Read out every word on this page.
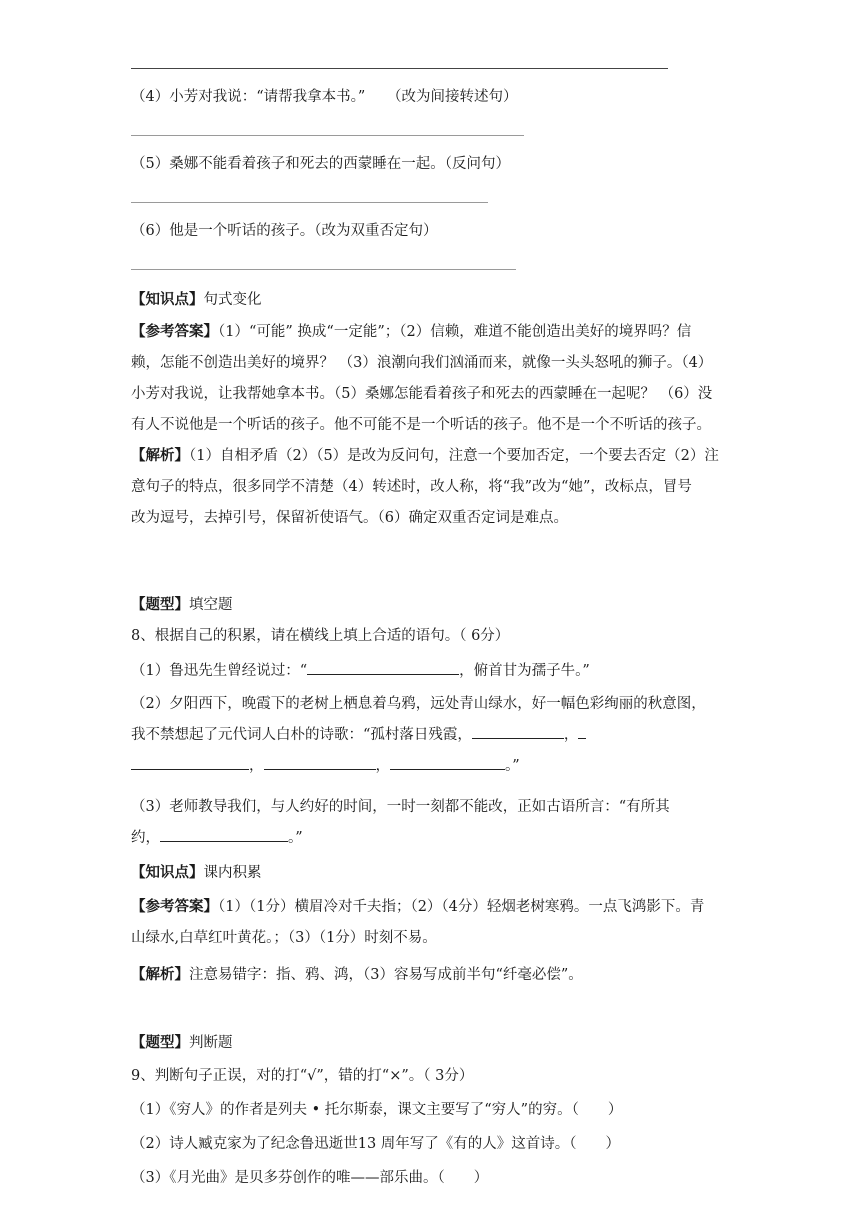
（4）小芳对我说：“请帮我拿本书。”　　（改为间接转述句）
（5）桑娜不能看着孩子和死去的西蒙睡在一起。（反问句）
（6）他是一个听话的孩子。（改为双重否定句）
【知识点】句式变化
【参考答案】（1）“可能” 换成“一定能”；（2）信赖，难道不能创造出美好的境界吗？信
赖，怎能不创造出美好的境界？ （3）浪潮向我们汹涌而来，就像一头头怒吼的狮子。（4）
小芳对我说，让我帮她拿本书。（5）桑娜怎能看着孩子和死去的西蒙睡在一起呢？ （6）没
有人不说他是一个听话的孩子。他不可能不是一个听话的孩子。他不是一个不听话的孩子。
【解析】（1）自相矛盾（2）（5）是改为反问句，注意一个要加否定，一个要去否定（2）注
意句子的特点，很多同学不清楚（4）转述时，改人称，将“我”改为“她”，改标点，冒号
改为逗号，去掉引号，保留祈使语气。（6）确定双重否定词是难点。
【题型】填空题
8、根据自己的积累，请在横线上填上合适的语句。（ 6分）
（1）鲁迅先生曾经说过：“	，俯首甘为孺子牛。”
（2）夕阳西下，晚霞下的老树上栖息着乌鸦，远处青山绿水，好一幅色彩绚丽的秋意图，
我不禁想起了元代词人白朴的诗歌：“孤村落日残霞，	，
，	，	。”
（3）老师教导我们，与人约好的时间，一时一刻都不能改，正如古语所言：“有所其
约，	。”
【知识点】课内积累
【参考答案】（1）（1分）横眉冷对千夫指；（2）（4分）轻烟老树寒鸦。一点飞鸿影下。青
山绿水,白草红叶黄花。；（3）（1分）时刻不易。
【解析】注意易错字：指、鸦、鸿，（3）容易写成前半句“纤毫必偿”。
【题型】判断题
9、判断句子正误，对的打“√”，错的打“×”。（ 3分）
（1）《穷人》的作者是列夫 • 托尔斯泰，课文主要写了“穷人”的穷。（　　）
（2）诗人臧克家为了纪念鲁迅逝世13 周年写了《有的人》这首诗。（　　）
（3）《月光曲》是贝多芬创作的唯——部乐曲。（　　）
